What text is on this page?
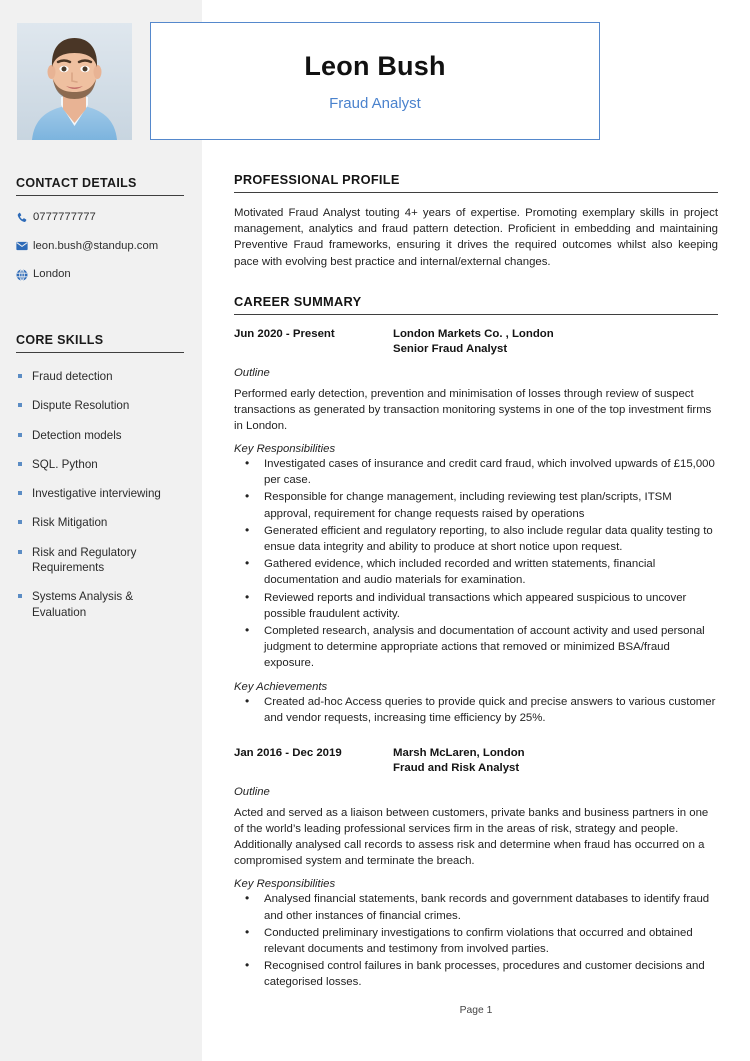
CONTACT DETAILS
0777777777
leon.bush@standup.com
London
CORE SKILLS
Fraud detection
Dispute Resolution
Detection models
SQL. Python
Investigative interviewing
Risk Mitigation
Risk and Regulatory Requirements
Systems Analysis & Evaluation
Leon Bush
Fraud Analyst
PROFESSIONAL PROFILE

Motivated Fraud Analyst touting 4+ years of expertise. Promoting exemplary skills in project management, analytics and fraud pattern detection. Proficient in embedding and maintaining Preventive Fraud frameworks, ensuring it drives the required outcomes whilst also keeping pace with evolving best practice and internal/external changes.

CAREER SUMMARY
Jun 2020 - Present	London Markets Co. , London
Senior Fraud Analyst
Outline

Performed early detection, prevention and minimisation of losses through review of suspect transactions as generated by transaction monitoring systems in one of the top investment firms in London.

Key Responsibilities
• Investigated cases of insurance and credit card fraud, which involved upwards of £15,000 per case.
• Responsible for change management, including reviewing test plan/scripts, ITSM approval, requirement for change requests raised by operations
• Generated efficient and regulatory reporting, to also include regular data quality testing to ensue data integrity and ability to produce at short notice upon request.
• Gathered evidence, which included recorded and written statements, financial documentation and audio materials for examination.
• Reviewed reports and individual transactions which appeared suspicious to uncover possible fraudulent activity.
• Completed research, analysis and documentation of account activity and used personal judgment to determine appropriate actions that removed or minimized BSA/fraud exposure.
Key Achievements
• Created ad-hoc Access queries to provide quick and precise answers to various customer and vendor requests, increasing time efficiency by 25%.
Jan 2016 - Dec 2019	Marsh McLaren, London
Fraud and Risk Analyst
Outline

Acted and served as a liaison between customers, private banks and business partners in one of the world’s leading professional services firm in the areas of risk, strategy and people. Additionally analysed call records to assess risk and determine when fraud has occurred on a compromised system and terminate the breach.

Key Responsibilities
• Analysed financial statements, bank records and government databases to identify fraud and other instances of financial crimes.
• Conducted preliminary investigations to confirm violations that occurred and obtained relevant documents and testimony from involved parties.
• Recognised control failures in bank processes, procedures and customer decisions and categorised losses.
Page 1
